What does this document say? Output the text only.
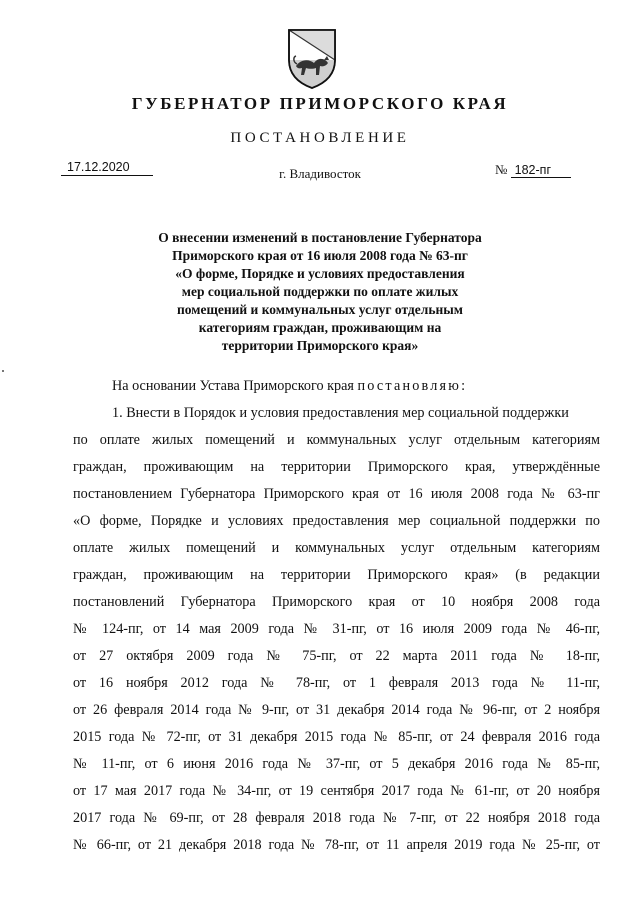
ГУБЕРНАТОР ПРИМОРСКОГО КРАЯ
ПОСТАНОВЛЕНИЕ
17.12.2020	г. Владивосток	№ 182-пг
О внесении изменений в постановление Губернатора
Приморского края от 16 июля 2008 года № 63-пг
«О форме, Порядке и условиях предоставления
мер социальной поддержки по оплате жилых
помещений и коммунальных услуг отдельным
категориям граждан, проживающим на
территории Приморского края»
На основании Устава Приморского края постановляю:
1. Внести в Порядок и условия предоставления мер социальной поддержки
по оплате жилых помещений и коммунальных услуг отдельным категориям
граждан, проживающим на территории Приморского края, утверждённые
постановлением Губернатора Приморского края от 16 июля 2008 года № 63-пг
«О форме, Порядке и условиях предоставления мер социальной поддержки по
оплате жилых помещений и коммунальных услуг отдельным категориям
граждан, проживающим на территории Приморского края» (в редакции
постановлений Губернатора Приморского края от 10 ноября 2008 года
№ 124-пг, от 14 мая 2009 года № 31-пг, от 16 июля 2009 года № 46-пг,
от 27 октября 2009 года № 75-пг, от 22 марта 2011 года № 18-пг,
от 16 ноября 2012 года № 78-пг, от 1 февраля 2013 года № 11-пг,
от 26 февраля 2014 года № 9-пг, от 31 декабря 2014 года № 96-пг, от 2 ноября
2015 года № 72-пг, от 31 декабря 2015 года № 85-пг, от 24 февраля 2016 года
№ 11-пг, от 6 июня 2016 года № 37-пг, от 5 декабря 2016 года № 85-пг,
от 17 мая 2017 года № 34-пг, от 19 сентября 2017 года № 61-пг, от 20 ноября
2017 года № 69-пг, от 28 февраля 2018 года № 7-пг, от 22 ноября 2018 года
№ 66-пг, от 21 декабря 2018 года № 78-пг, от 11 апреля 2019 года № 25-пг, от
